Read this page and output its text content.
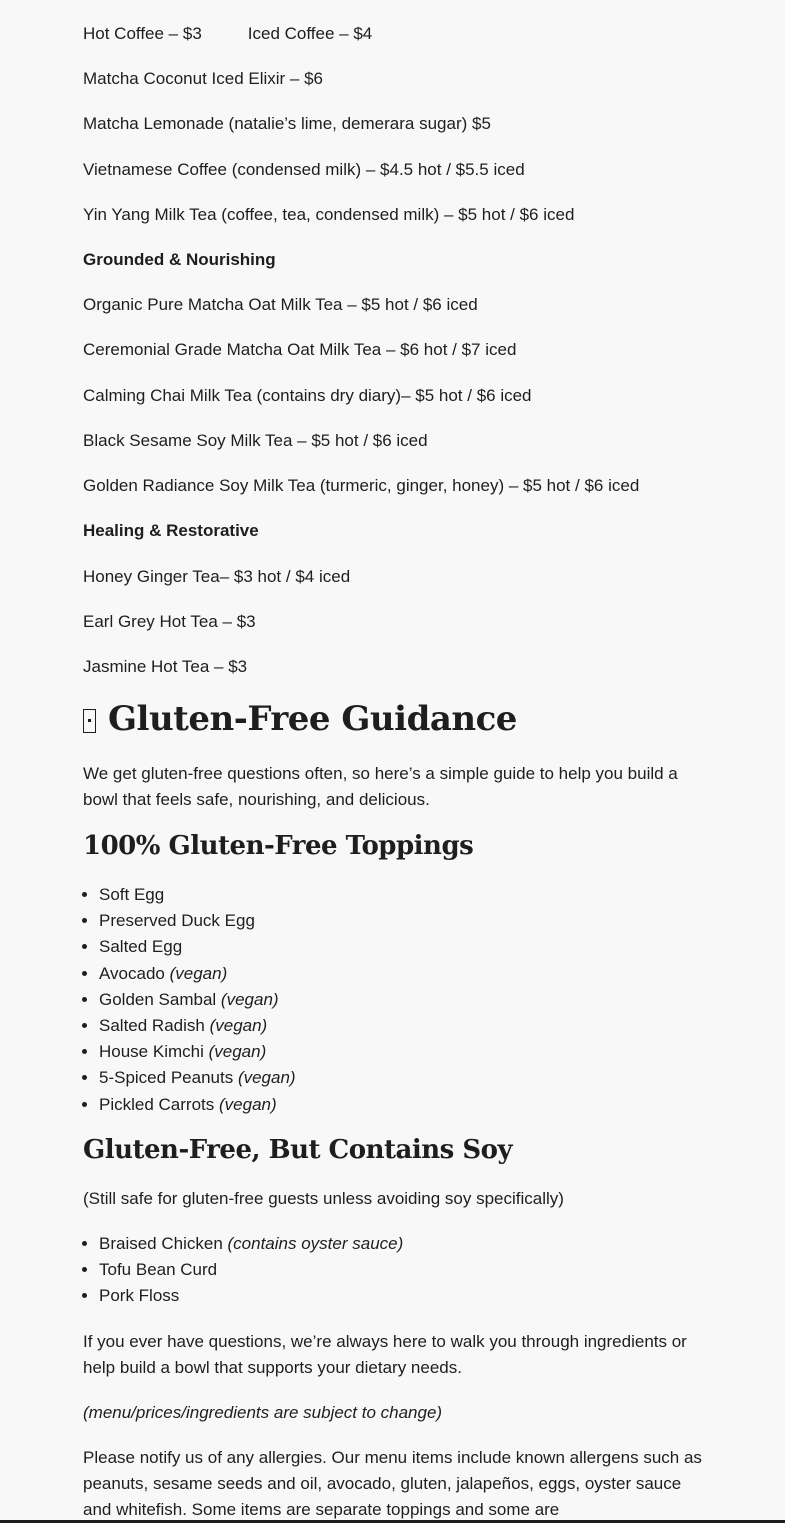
Hot Coffee – $3	Iced Coffee – $4
Matcha Coconut Iced Elixir – $6
Matcha Lemonade (natalie’s lime, demerara sugar) $5
Vietnamese Coffee (condensed milk) – $4.5 hot / $5.5 iced
Yin Yang Milk Tea (coffee, tea, condensed milk) – $5 hot / $6 iced
Grounded & Nourishing
Organic Pure Matcha Oat Milk Tea – $5 hot / $6 iced
Ceremonial Grade Matcha Oat Milk Tea – $6 hot / $7 iced
Calming Chai Milk Tea (contains dry diary)– $5 hot / $6 iced
Black Sesame Soy Milk Tea – $5 hot / $6 iced
Golden Radiance Soy Milk Tea (turmeric, ginger, honey) – $5 hot / $6 iced
Healing & Restorative
Honey Ginger Tea– $3 hot / $4 iced
Earl Grey Hot Tea – $3
Jasmine Hot Tea – $3
Gluten-Free Guidance
We get gluten-free questions often, so here’s a simple guide to help you build a bowl that feels safe, nourishing, and delicious.
100% Gluten-Free Toppings
• Soft Egg
• Preserved Duck Egg
• Salted Egg
• Avocado (vegan)
• Golden Sambal (vegan)
• Salted Radish (vegan)
• House Kimchi (vegan)
• 5-Spiced Peanuts (vegan)
• Pickled Carrots (vegan)
Gluten-Free, But Contains Soy
(Still safe for gluten-free guests unless avoiding soy specifically)
• Braised Chicken (contains oyster sauce)
• Tofu Bean Curd
• Pork Floss
If you ever have questions, we’re always here to walk you through ingredients or help build a bowl that supports your dietary needs.
(menu/prices/ingredients are subject to change)
Please notify us of any allergies. Our menu items include known allergens such as peanuts, sesame seeds and oil, avocado, gluten, jalapeños, eggs, oyster sauce and whitefish. Some items are separate toppings and some are
